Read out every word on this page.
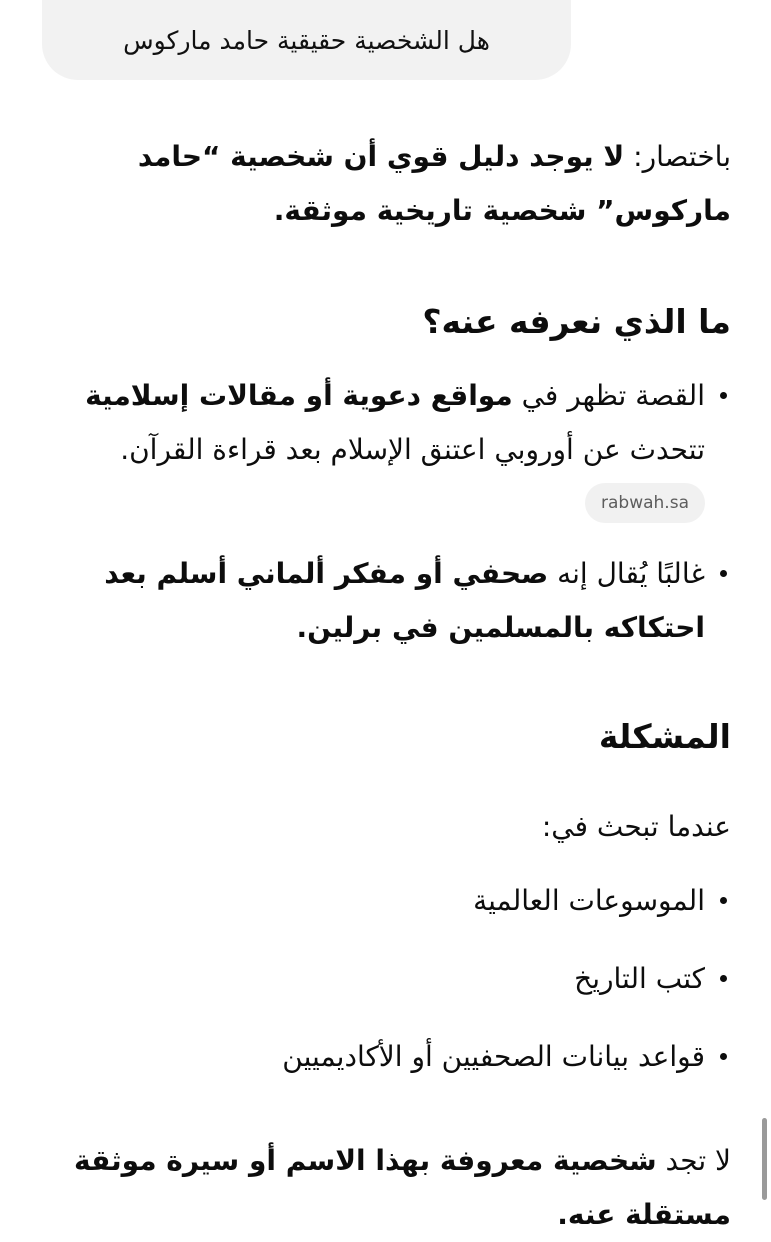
هل الشخصية حقيقية حامد ماركوس

باختصار: لا يوجد دليل قوي أن شخصية “حامد ماركوس” شخصية تاريخية موثقة.

ما الذي نعرفه عنه؟
القصة تظهر في مواقع دعوية أو مقالات إسلامية تتحدث عن أوروبي اعتنق الإسلام بعد قراءة القرآن.
rabwah.sa
غالبًا يُقال إنه صحفي أو مفكر ألماني أسلم بعد احتكاكه بالمسلمين في برلين.
المشكلة

عندما تبحث في:

الموسوعات العالمية
كتب التاريخ
قواعد بيانات الصحفيين أو الأكاديميين

لا تجد شخصية معروفة بهذا الاسم أو سيرة موثقة مستقلة عنه.
